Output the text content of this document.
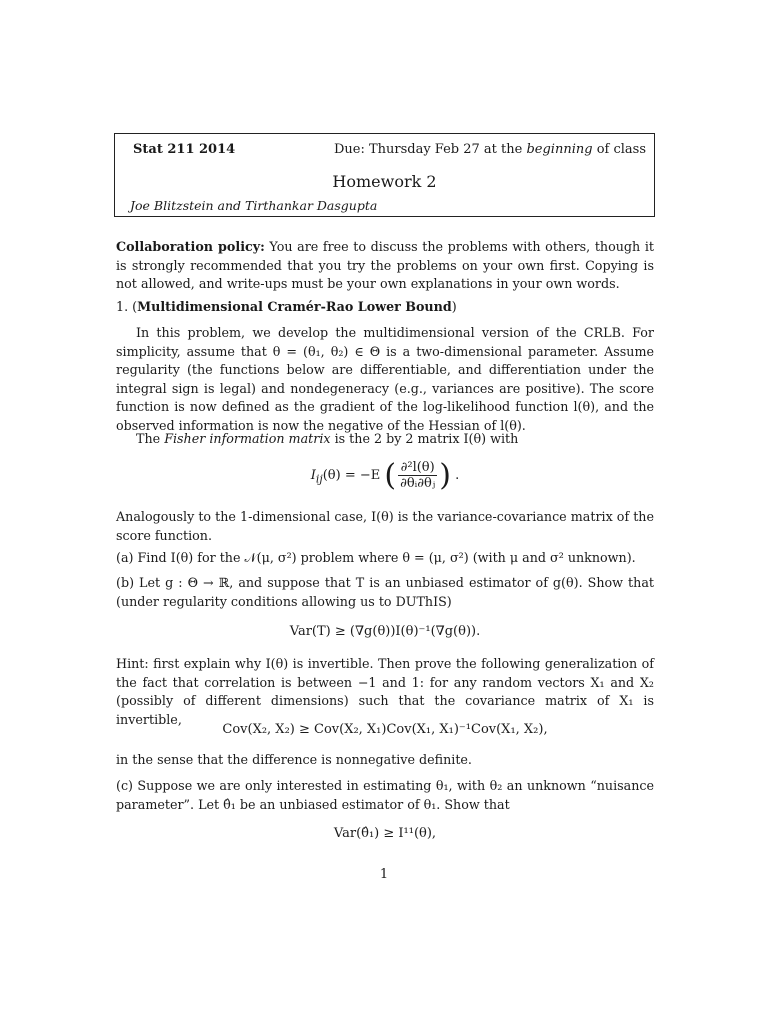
Stat 211 2014	Due: Thursday Feb 27 at the beginning of class
Homework 2
Joe Blitzstein and Tirthankar Dasgupta

Collaboration policy: You are free to discuss the problems with others, though it is strongly recommended that you try the problems on your own first. Copying is not allowed, and write-ups must be your own explanations in your own words.

1. (Multidimensional Cramér-Rao Lower Bound)

In this problem, we develop the multidimensional version of the CRLB. For simplicity, assume that θ = (θ₁, θ₂) ∈ Θ is a two-dimensional parameter. Assume regularity (the functions below are differentiable, and differentiation under the integral sign is legal) and nondegeneracy (e.g., variances are positive). The score function is now defined as the gradient of the log-likelihood function l(θ), and the observed information is now the negative of the Hessian of l(θ).

The Fisher information matrix is the 2 by 2 matrix I(θ) with

$I_{ij}(\theta) = -E$ ( $\frac{\text{∂²l(θ)}}{\text{∂θᵢ∂θⱼ}}$ ) .

Analogously to the 1-dimensional case, I(θ) is the variance-covariance matrix of the score function.

(a) Find I(θ) for the 𝒩(μ, σ²) problem where θ = (μ, σ²) (with μ and σ² unknown).

(b) Let g : Θ → ℝ, and suppose that T is an unbiased estimator of g(θ). Show that (under regularity conditions allowing us to DUThIS)

Var(T) ≥ (∇g(θ))I(θ)⁻¹(∇g(θ)).

Hint: first explain why I(θ) is invertible. Then prove the following generalization of the fact that correlation is between −1 and 1: for any random vectors X₁ and X₂ (possibly of different dimensions) such that the covariance matrix of X₁ is invertible,

Cov(X₂, X₂) ≥ Cov(X₂, X₁)Cov(X₁, X₁)⁻¹Cov(X₁, X₂),

in the sense that the difference is nonnegative definite.

(c) Suppose we are only interested in estimating θ₁, with θ₂ an unknown “nuisance parameter”. Let θ̂₁ be an unbiased estimator of θ₁. Show that

Var(θ̂₁) ≥ I¹¹(θ),
1
